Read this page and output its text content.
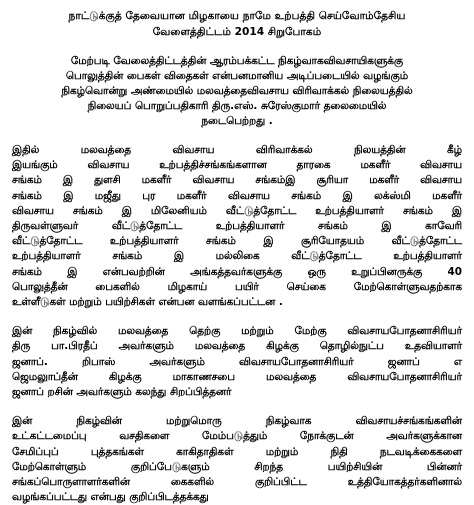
நாட்டுக்குத் தேவையான மிழகாயை நாமே உற்பத்தி செய்வோம்தேசிய

வேளைத்திட்டம் 2014 சிறுபோகம்

மேற்படி வேலைத்திட்டத்தின் ஆரம்பக்கட்ட நிகழ்வாகவிவசாயிகளுக்கு

பொலுத்தின் பைகள் விதைகள் என்பனமானிய அடிப்படையில் வழங்கும்

நிகழ்வொன்று அண்மையில் மலவத்தைவிவசாய விரிவாக்கல் நிலையத்தில்

நிலையப் பொறுப்பதிகாரி திரு.எஸ். சுரேஸ்குமார் தலைமையில்

நடைபெற்றது .

இதில் மலவத்தை விவசாய விரிவாக்கல் நிலயத்தின் கீழ்

இயங்கும் விவசாய உற்பத்திச்சங்கங்களான தாரகை மகளீர் விவசாய

சங்கம் இ துளசி மகளீர் விவசாய சங்கம்இ சூரியா மகளீர் விவசாய

சங்கம் இ மஜீது புர மகளீர் விவசாய சங்கம் இ லக்ஸ்மி மகளீர்

விவசாய சங்கம் இ மிலேனியம் வீட்டுத்தோட்ட உற்பத்தியாளர் சங்கம் இ

திருவள்ளுவர் வீட்டுத்தோட்ட உற்பத்தியாளர் சங்கம் இ காவேரி

வீட்டுத்தோட்ட உற்பத்தியாளர் சங்கம் இ சூரியோதயம் வீட்டுத்தோட்ட

உற்பத்தியாளர் சங்கம் இ மல்லிகை வீட்டுத்தோட்ட உற்பத்தியாளர்

சங்கம் இ என்பவற்றின் அங்கத்தவர்களுக்கு ஒரு உறுப்பினருக்கு 40

பொலுத்தீன் பைகளில் மிழகாய் பயிர் செய்கை மேற்கொள்ளுவதற்காக

உள்ளீடுகள் மற்றும் பயிற்சிகள் என்பன வளங்கப்பட்டன .

இன் நிகழ்வில் மலவத்தை தெற்கு மற்றும் மேற்கு விவசாயபோதனாசிரியர்

திரு பா.பிரதீப் அவர்களும் மலவத்தை கிழக்கு தொழில்நுட்ப உதவியாளர்

ஜனாப். றிபாஸ் அவர்களும் விவசாயபோதனாசிரியர் ஜனாப் எ

ஜெமலுாப்தீன் கிழக்கு மாகாணசபை மலவத்தை விவசாயபோதனாசிரியர்

ஜனாப் றசின் அவர்களும் கலந்து சிறப்பித்தனர்

இன் நிகழ்வின் மற்றுமொரு நிகழ்வாக விவசாயச்சங்கங்களின்

உட்கட்டமைப்பு வசதிகளை மேம்படுத்தும் நோக்குடன் அவர்களுக்கான

சேமிப்புப் புத்தகங்கள் காகிதாதிகள் மற்றும் நிதி நடவடிக்கைகளை

மேற்கொள்ளும் குறிப்பேடுகளும் சிறந்த பயிற்சியின் பின்னர்

சங்கப்பொருளாளர்களின் கைகளில் குறிப்பிட்ட உத்தியோகத்தர்களினால்

வழங்கப்பட்டது என்பது குறிப்பிடத்தக்கது
